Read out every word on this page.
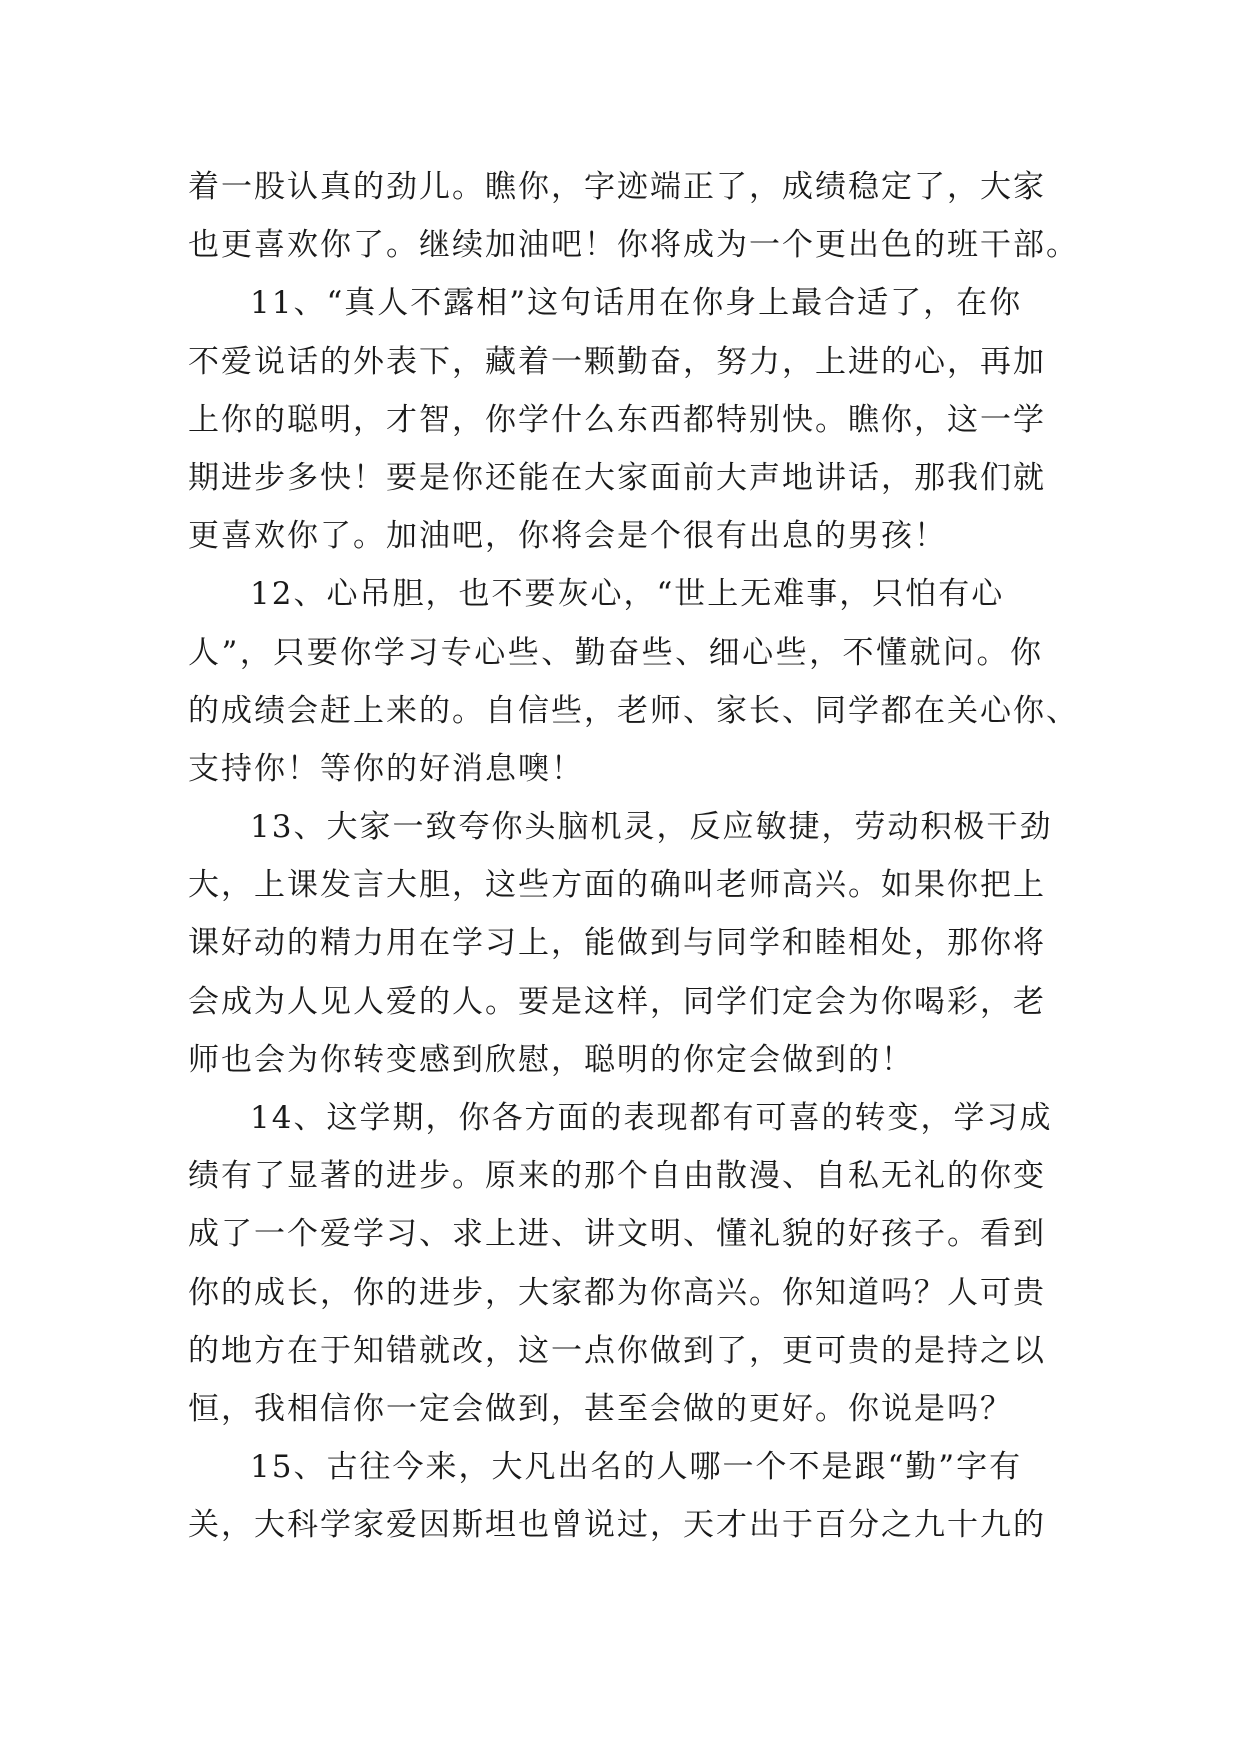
着一股认真的劲儿。瞧你，字迹端正了，成绩稳定了，大家
也更喜欢你了。继续加油吧！你将成为一个更出色的班干部。
11、“真人不露相”这句话用在你身上最合适了，在你
不爱说话的外表下，藏着一颗勤奋，努力，上进的心，再加
上你的聪明，才智，你学什么东西都特别快。瞧你，这一学
期进步多快！要是你还能在大家面前大声地讲话，那我们就
更喜欢你了。加油吧，你将会是个很有出息的男孩！
12、心吊胆，也不要灰心，“世上无难事，只怕有心
人”，只要你学习专心些、勤奋些、细心些，不懂就问。你
的成绩会赶上来的。自信些，老师、家长、同学都在关心你、
支持你！等你的好消息噢！
13、大家一致夸你头脑机灵，反应敏捷，劳动积极干劲
大，上课发言大胆，这些方面的确叫老师高兴。如果你把上
课好动的精力用在学习上，能做到与同学和睦相处，那你将
会成为人见人爱的人。要是这样，同学们定会为你喝彩，老
师也会为你转变感到欣慰，聪明的你定会做到的！
14、这学期，你各方面的表现都有可喜的转变，学习成
绩有了显著的进步。原来的那个自由散漫、自私无礼的你变
成了一个爱学习、求上进、讲文明、懂礼貌的好孩子。看到
你的成长，你的进步，大家都为你高兴。你知道吗？人可贵
的地方在于知错就改，这一点你做到了，更可贵的是持之以
恒，我相信你一定会做到，甚至会做的更好。你说是吗？
15、古往今来，大凡出名的人哪一个不是跟“勤”字有
关，大科学家爱因斯坦也曾说过，天才出于百分之九十九的
